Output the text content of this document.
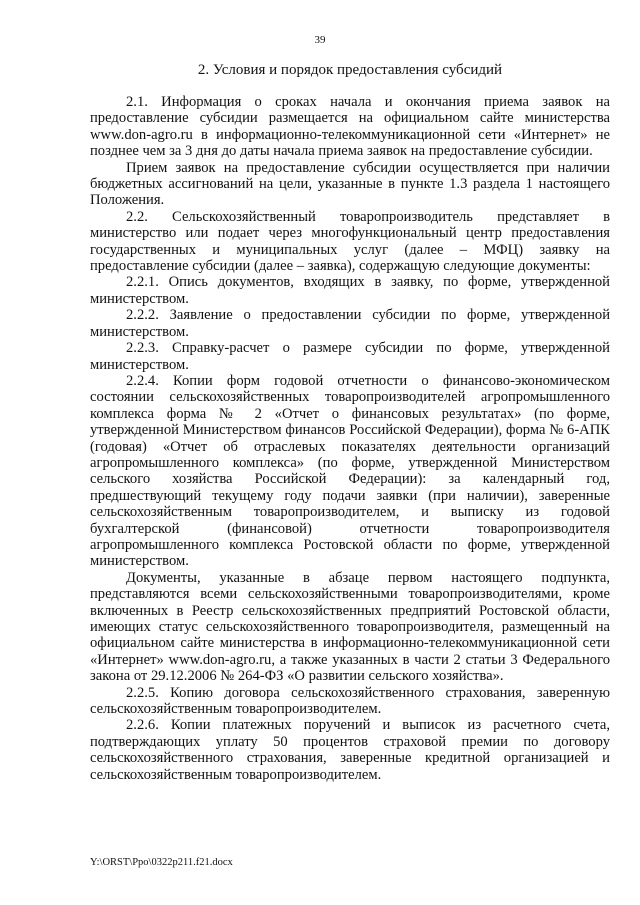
39
2. Условия и порядок предоставления субсидий

2.1. Информация о сроках начала и окончания приема заявок на предоставление субсидии размещается на официальном сайте министерства www.don-agro.ru в информационно-телекоммуникационной сети «Интернет» не позднее чем за 3 дня до даты начала приема заявок на предоставление субсидии.

Прием заявок на предоставление субсидии осуществляется при наличии бюджетных ассигнований на цели, указанные в пункте 1.3 раздела 1 настоящего Положения.

2.2. Сельскохозяйственный товаропроизводитель представляет в министерство или подает через многофункциональный центр предоставления государственных и муниципальных услуг (далее – МФЦ) заявку на предоставление субсидии (далее – заявка), содержащую следующие документы:

2.2.1. Опись документов, входящих в заявку, по форме, утвержденной министерством.

2.2.2. Заявление о предоставлении субсидии по форме, утвержденной министерством.

2.2.3. Справку-расчет о размере субсидии по форме, утвержденной министерством.

2.2.4. Копии форм годовой отчетности о финансово-экономическом состоянии сельскохозяйственных товаропроизводителей агропромышленного комплекса форма № 2 «Отчет о финансовых результатах» (по форме, утвержденной Министерством финансов Российской Федерации), форма № 6-АПК (годовая) «Отчет об отраслевых показателях деятельности организаций агропромышленного комплекса» (по форме, утвержденной Министерством сельского хозяйства Российской Федерации): за календарный год, предшествующий текущему году подачи заявки (при наличии), заверенные сельскохозяйственным товаропроизводителем, и выписку из годовой бухгалтерской (финансовой) отчетности товаропроизводителя агропромышленного комплекса Ростовской области по форме, утвержденной министерством.

Документы, указанные в абзаце первом настоящего подпункта, представляются всеми сельскохозяйственными товаропроизводителями, кроме включенных в Реестр сельскохозяйственных предприятий Ростовской области, имеющих статус сельскохозяйственного товаропроизводителя, размещенный на официальном сайте министерства в информационно-телекоммуникационной сети «Интернет» www.don-agro.ru, а также указанных в части 2 статьи 3 Федерального закона от 29.12.2006 № 264-ФЗ «О развитии сельского хозяйства».

2.2.5. Копию договора сельскохозяйственного страхования, заверенную сельскохозяйственным товаропроизводителем.

2.2.6. Копии платежных поручений и выписок из расчетного счета, подтверждающих уплату 50 процентов страховой премии по договору сельскохозяйственного страхования, заверенные кредитной организацией и сельскохозяйственным товаропроизводителем.

Y:\ORST\Ppo\0322p211.f21.docx
